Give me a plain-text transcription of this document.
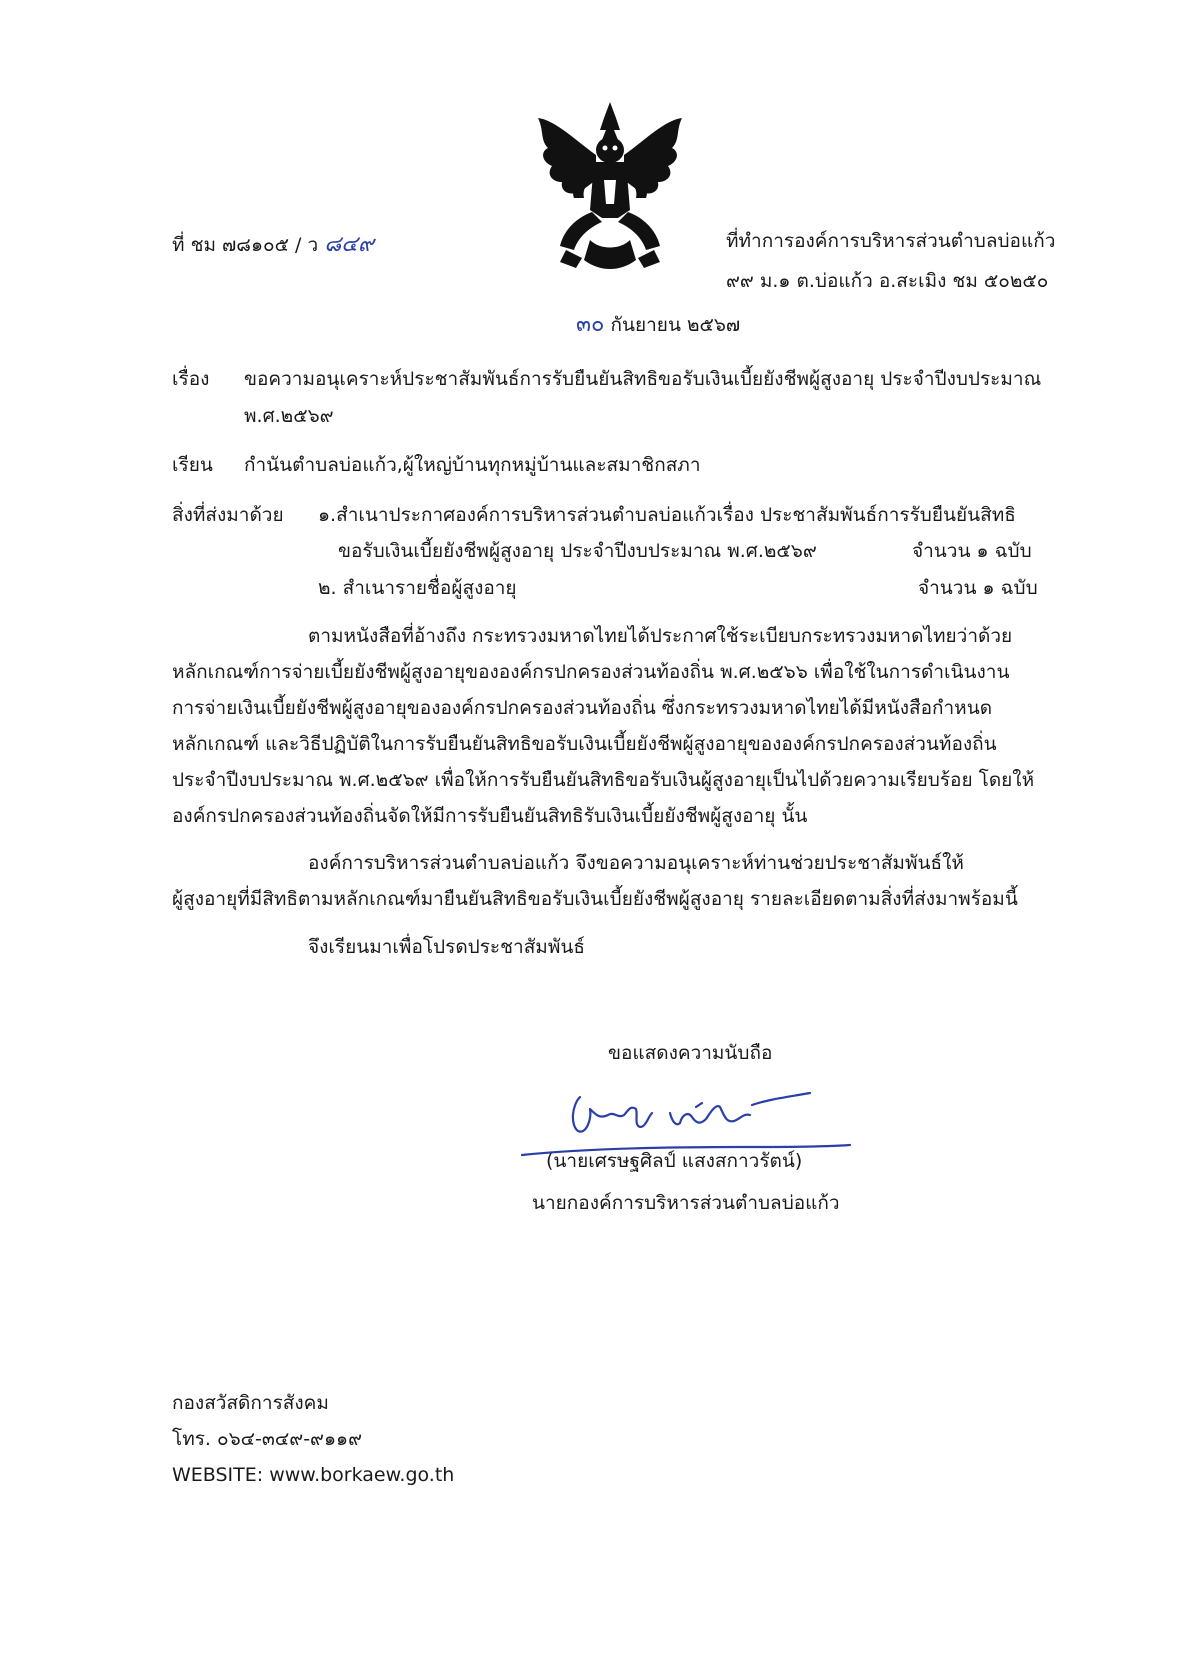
ที่ ชม ๗๘๑๐๕ / ว ๘๔๙	ที่ทำการองค์การบริหารส่วนตำบลบ่อแก้ว
๙๙ ม.๑ ต.บ่อแก้ว อ.สะเมิง ชม ๕๐๒๕๐
๓๐ กันยายน ๒๕๖๗
เรื่อง ขอความอนุเคราะห์ประชาสัมพันธ์การรับยืนยันสิทธิขอรับเงินเบี้ยยังชีพผู้สูงอายุ ประจำปีงบประมาณ
พ.ศ.๒๕๖๙
เรียน กำนันตำบลบ่อแก้ว,ผู้ใหญ่บ้านทุกหมู่บ้านและสมาชิกสภา
สิ่งที่ส่งมาด้วย ๑.สำเนาประกาศองค์การบริหารส่วนตำบลบ่อแก้วเรื่อง ประชาสัมพันธ์การรับยืนยันสิทธิ
ขอรับเงินเบี้ยยังชีพผู้สูงอายุ ประจำปีงบประมาณ พ.ศ.๒๕๖๙	จำนวน ๑ ฉบับ
๒. สำเนารายชื่อผู้สูงอายุ	จำนวน ๑ ฉบับ
ตามหนังสือที่อ้างถึง กระทรวงมหาดไทยได้ประกาศใช้ระเบียบกระทรวงมหาดไทยว่าด้วย
หลักเกณฑ์การจ่ายเบี้ยยังชีพผู้สูงอายุขององค์กรปกครองส่วนท้องถิ่น พ.ศ.๒๕๖๖ เพื่อใช้ในการดำเนินงาน
การจ่ายเงินเบี้ยยังชีพผู้สูงอายุขององค์กรปกครองส่วนท้องถิ่น ซึ่งกระทรวงมหาดไทยได้มีหนังสือกำหนด
หลักเกณฑ์ และวิธีปฏิบัติในการรับยืนยันสิทธิขอรับเงินเบี้ยยังชีพผู้สูงอายุขององค์กรปกครองส่วนท้องถิ่น
ประจำปีงบประมาณ พ.ศ.๒๕๖๙ เพื่อให้การรับยืนยันสิทธิขอรับเงินผู้สูงอายุเป็นไปด้วยความเรียบร้อย โดยให้
องค์กรปกครองส่วนท้องถิ่นจัดให้มีการรับยืนยันสิทธิรับเงินเบี้ยยังชีพผู้สูงอายุ นั้น
องค์การบริหารส่วนตำบลบ่อแก้ว จึงขอความอนุเคราะห์ท่านช่วยประชาสัมพันธ์ให้
ผู้สูงอายุที่มีสิทธิตามหลักเกณฑ์มายืนยันสิทธิขอรับเงินเบี้ยยังชีพผู้สูงอายุ รายละเอียดตามสิ่งที่ส่งมาพร้อมนี้
จึงเรียนมาเพื่อโปรดประชาสัมพันธ์
ขอแสดงความนับถือ
(นายเศรษฐศิลป์ แสงสกาวรัตน์)
นายกองค์การบริหารส่วนตำบลบ่อแก้ว
กองสวัสดิการสังคม
โทร. ๐๖๔-๓๔๙-๙๑๑๙
WEBSITE: www.borkaew.go.th
